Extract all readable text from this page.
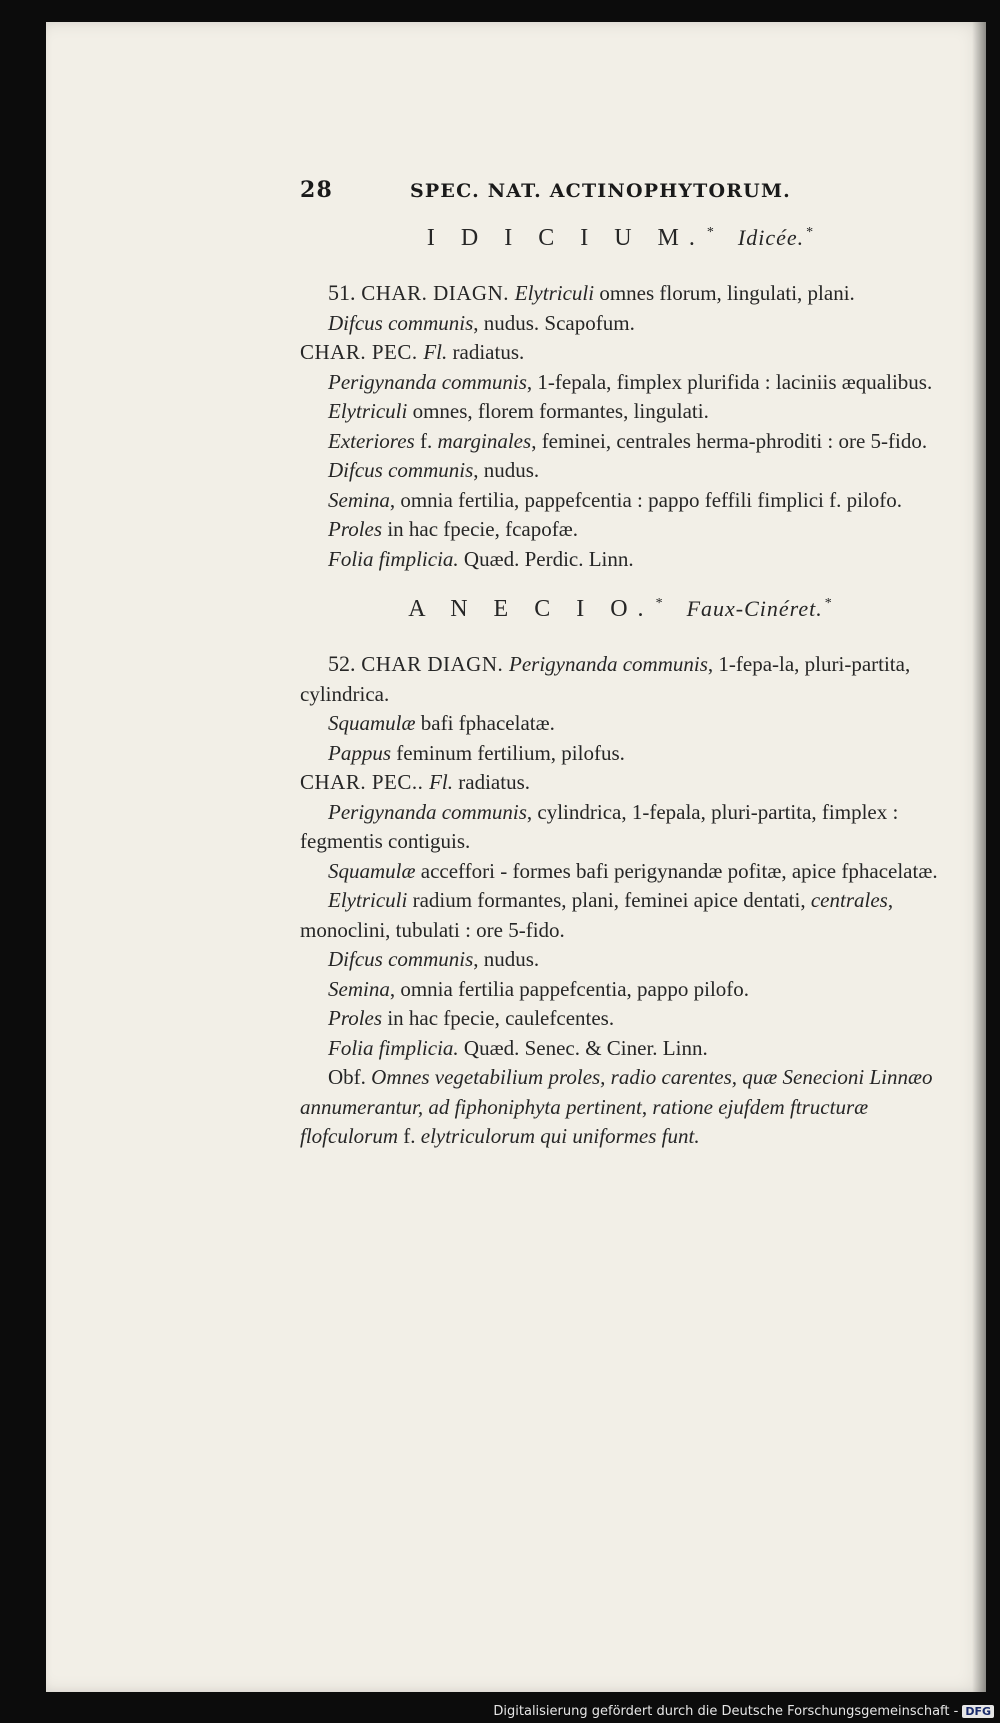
28	SPEC. NAT. ACTINOPHYTORUM.
I D I C I U M. * Idicée. *

51. CHAR. DIAGN. Elytriculi omnes florum, lingulati, plani.

Difcus communis, nudus. Scapofum.

CHAR. PEC. Fl. radiatus.

Perigynanda communis, 1-fepala, fimplex plurifida : laciniis æqualibus.

Elytriculi omnes, florem formantes, lingulati.

Exteriores f. marginales, feminei, centrales herma-phroditi : ore 5-fido.

Difcus communis, nudus.

Semina, omnia fertilia, pappefcentia : pappo feffili fimplici f. pilofo.

Proles in hac fpecie, fcapofæ.

Folia fimplicia. Quæd. Perdic. Linn.

A N E C I O. * Faux-Cinéret. *

52. CHAR DIAGN. Perigynanda communis, 1-fepa-la, pluri-partita, cylindrica.

Squamulæ bafi fphacelatæ.

Pappus feminum fertilium, pilofus.

CHAR. PEC.. Fl. radiatus.

Perigynanda communis, cylindrica, 1-fepala, pluri-partita, fimplex : fegmentis contiguis.

Squamulæ acceffori - formes bafi perigynandæ pofitæ, apice fphacelatæ.

Elytriculi radium formantes, plani, feminei apice dentati, centrales, monoclini, tubulati : ore 5-fido.

Difcus communis, nudus.

Semina, omnia fertilia pappefcentia, pappo pilofo.

Proles in hac fpecie, caulefcentes.

Folia fimplicia. Quæd. Senec. & Ciner. Linn.

Obf. Omnes vegetabilium proles, radio carentes, quæ Senecioni Linnæo annumerantur, ad fiphoniphyta pertinent, ratione ejufdem ftructuræ flofculorum f. elytriculorum qui uniformes funt.

Digitalisierung gefördert durch die Deutsche Forschungsgemeinschaft - DFG
